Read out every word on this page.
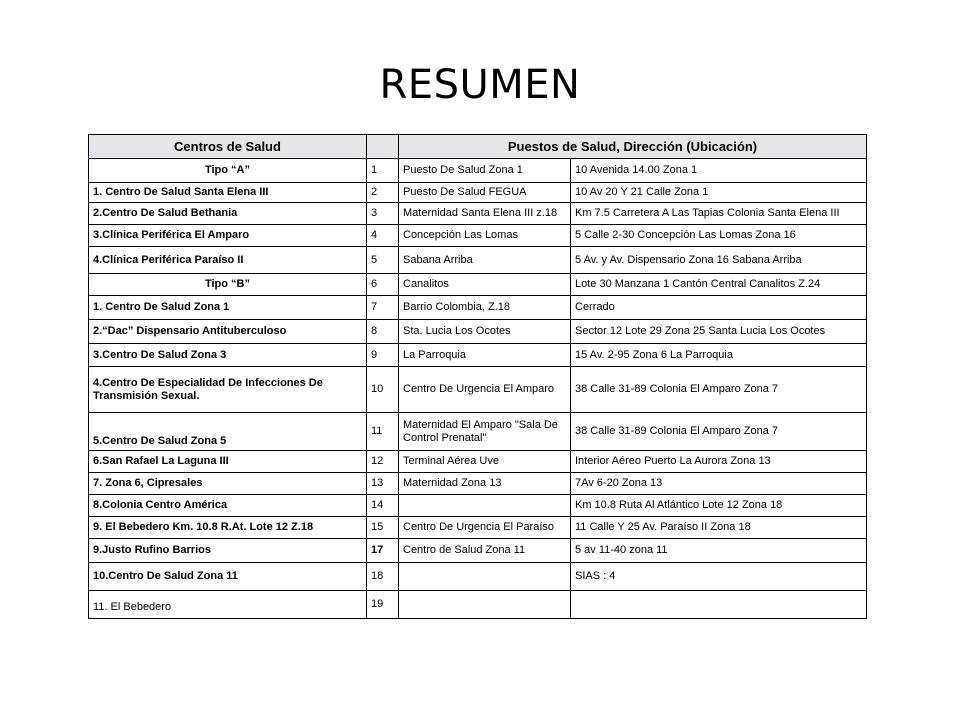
RESUMEN
Centros de Salud		Puestos de Salud, Dirección (Ubicación)	
Tipo “A”	1	Puesto De Salud Zona 1	10 Avenida 14.00 Zona 1
1. Centro De Salud Santa Elena III	2	Puesto De Salud FEGUA	10 Av 20 Y 21 Calle Zona 1
2.Centro De Salud Bethania	3	Maternidad Santa Elena III z.18	Km 7.5 Carretera A Las Tapias Colonia Santa Elena III
3.Clínica Periférica El Amparo	4	Concepción Las Lomas	5 Calle 2-30 Concepción Las Lomas Zona 16
4.Clínica Periférica Paraíso II	5	Sabana Arriba	5 Av. y Av. Dispensario Zona 16 Sabana Arriba
Tipo “B”	6	Canalitos	Lote 30 Manzana 1 Cantón Central Canalitos Z.24
1. Centro De Salud Zona 1	7	Barrio Colombia, Z.18	Cerrado
2.“Dac” Dispensario Antituberculoso	8	Sta. Lucia Los Ocotes	Sector 12 Lote 29 Zona 25 Santa Lucia Los Ocotes
3.Centro De Salud Zona 3	9	La Parroquia	15 Av. 2-95 Zona 6 La Parroquia
4.Centro De Especialidad De Infecciones De Transmisión Sexual.	10	Centro De Urgencia El Amparo	38 Calle 31-89 Colonia El Amparo Zona 7
5.Centro De Salud Zona 5	11	Maternidad El Amparo "Sala De Control Prenatal"	38 Calle 31-89 Colonia El Amparo Zona 7
6.San Rafael La Laguna III	12	Terminal Aérea Uve	Interior Aéreo Puerto La Aurora Zona 13
7. Zona 6, Cipresales	13	Maternidad Zona 13	7Av 6-20 Zona 13
8.Colonia Centro América	14		Km 10.8 Ruta Al Atlántico Lote 12 Zona 18
9. El Bebedero Km. 10.8 R.At. Lote 12 Z.18	15	Centro De Urgencia El Paraíso	11 Calle Y 25 Av. Paraíso II Zona 18
9.Justo Rufino Barrios	17	Centro de Salud Zona 11	5 av 11-40 zona 11
10.Centro De Salud Zona 11	18		SIAS : 4
11. El Bebedero	19		
